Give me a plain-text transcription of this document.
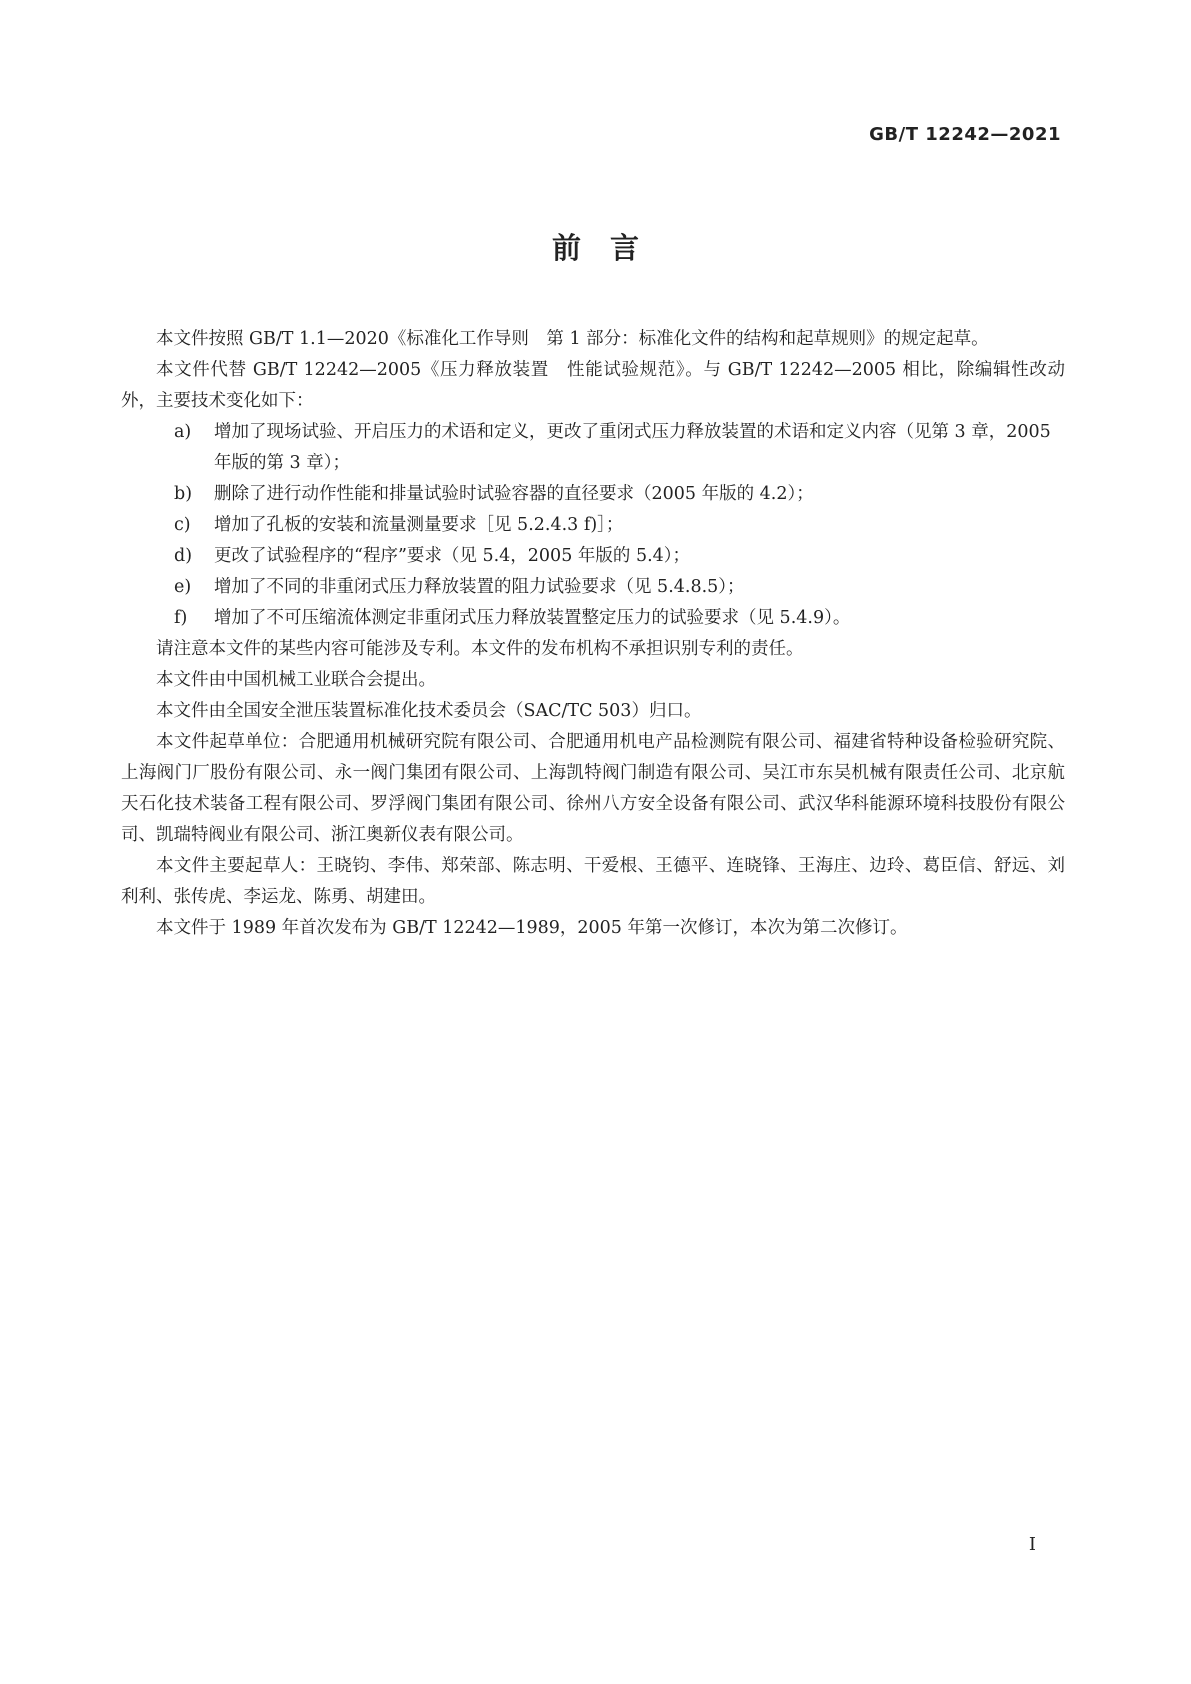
GB/T 12242—2021
前　言

本文件按照 GB/T 1.1—2020《标准化工作导则　第 1 部分：标准化文件的结构和起草规则》的规定起草。

本文件代替 GB/T 12242—2005《压力释放装置　性能试验规范》。与 GB/T 12242—2005 相比，除编辑性改动外，主要技术变化如下：

a)	增加了现场试验、开启压力的术语和定义，更改了重闭式压力释放装置的术语和定义内容（见第 3 章，2005 年版的第 3 章）；
b)	删除了进行动作性能和排量试验时试验容器的直径要求（2005 年版的 4.2）；
c)	增加了孔板的安装和流量测量要求［见 5.2.4.3 f)］；
d)	更改了试验程序的“程序”要求（见 5.4，2005 年版的 5.4）；
e)	增加了不同的非重闭式压力释放装置的阻力试验要求（见 5.4.8.5）；
f)	增加了不可压缩流体测定非重闭式压力释放装置整定压力的试验要求（见 5.4.9）。

请注意本文件的某些内容可能涉及专利。本文件的发布机构不承担识别专利的责任。

本文件由中国机械工业联合会提出。

本文件由全国安全泄压装置标准化技术委员会（SAC/TC 503）归口。

本文件起草单位：合肥通用机械研究院有限公司、合肥通用机电产品检测院有限公司、福建省特种设备检验研究院、上海阀门厂股份有限公司、永一阀门集团有限公司、上海凯特阀门制造有限公司、吴江市东吴机械有限责任公司、北京航天石化技术装备工程有限公司、罗浮阀门集团有限公司、徐州八方安全设备有限公司、武汉华科能源环境科技股份有限公司、凯瑞特阀业有限公司、浙江奥新仪表有限公司。

本文件主要起草人：王晓钧、李伟、郑荣部、陈志明、干爱根、王德平、连晓锋、王海庄、边玲、葛臣信、舒远、刘利利、张传虎、李运龙、陈勇、胡建田。

本文件于 1989 年首次发布为 GB/T 12242—1989，2005 年第一次修订，本次为第二次修订。

I
